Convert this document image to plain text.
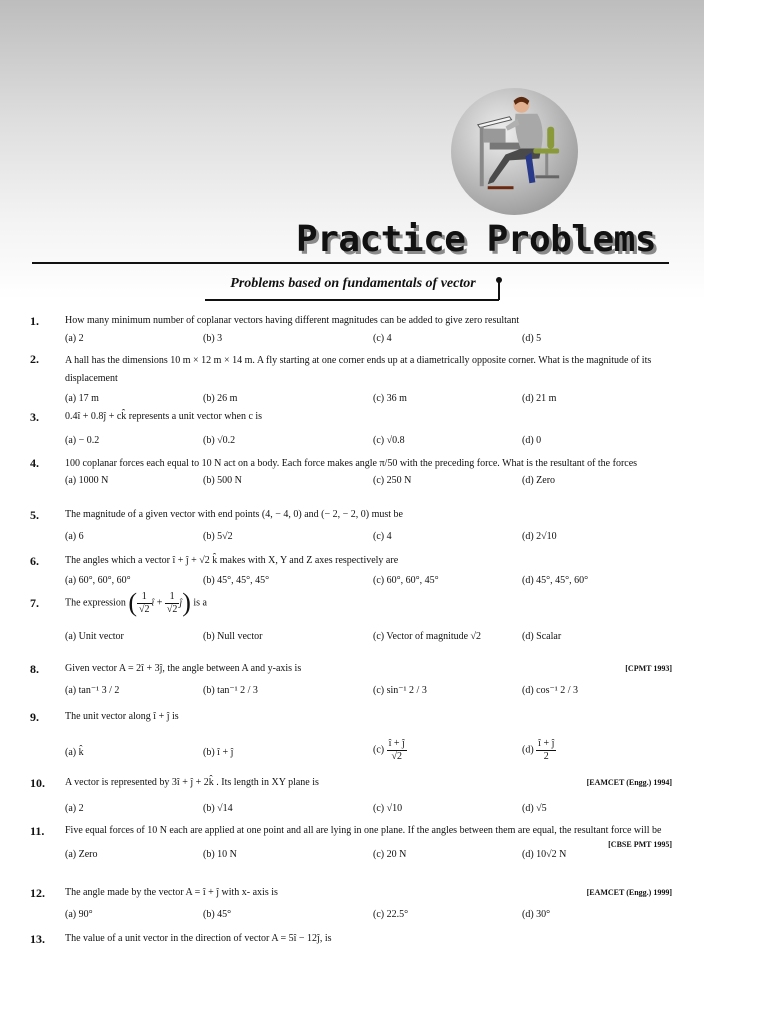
Practice Problems
Problems based on fundamentals of vector
1.	How many minimum number of coplanar vectors having different magnitudes can be added to give zero resultant
(a) 2	(b) 3	(c) 4	(d) 5
2.	A hall has the dimensions 10 m × 12 m × 14 m. A fly starting at one corner ends up at a diametrically opposite corner. What is the magnitude of its displacement
(a) 17 m	(b) 26 m	(c) 36 m	(d) 21 m
3.	0.4î + 0.8ĵ + ck̂ represents a unit vector when c is
(a) − 0.2	(b) √0.2	(c) √0.8	(d) 0
4.	100 coplanar forces each equal to 10 N act on a body. Each force makes angle π/50 with the preceding force. What is the resultant of the forces
(a) 1000 N	(b) 500 N	(c) 250 N	(d) Zero
5.	The magnitude of a given vector with end points (4, − 4, 0) and (− 2, − 2, 0) must be
(a) 6	(b) 5√2	(c) 4	(d) 2√10
6.	The angles which a vector î + ĵ + √2 k̂ makes with X, Y and Z axes respectively are
(a) 60°, 60°, 60°	(b) 45°, 45°, 45°	(c) 60°, 60°, 45°	(d) 45°, 45°, 60°
7.	The expression ( $\frac{1}{√2}$ î + $\frac{1}{√2}$ ĵ) is a
(a) Unit vector	(b) Null vector	(c) Vector of magnitude √2	(d) Scalar
8.	Given vector A = 2î + 3ĵ, the angle between A and y-axis is	[CPMT 1993]
(a) tan⁻¹ 3 / 2	(b) tan⁻¹ 2 / 3	(c) sin⁻¹ 2 / 3	(d) cos⁻¹ 2 / 3
9.	The unit vector along î + ĵ is
(a) k̂	(b) î + ĵ	$(c) \frac{î + ĵ}{√2}$	$(d) \frac{î + ĵ}{2}$
10.	A vector is represented by 3î + ĵ + 2k̂ . Its length in XY plane is	[EAMCET (Engg.) 1994]
(a) 2	(b) √14	(c) √10	(d) √5
11.	Five equal forces of 10 N each are applied at one point and all are lying in one plane. If the angles between them are equal, the resultant force will be
[CBSE PMT 1995]
(a) Zero	(b) 10 N	(c) 20 N	(d) 10√2 N
12.	The angle made by the vector A = î + ĵ with x- axis is	[EAMCET (Engg.) 1999]
(a) 90°	(b) 45°	(c) 22.5°	(d) 30°
13.	The value of a unit vector in the direction of vector A = 5î − 12ĵ, is
